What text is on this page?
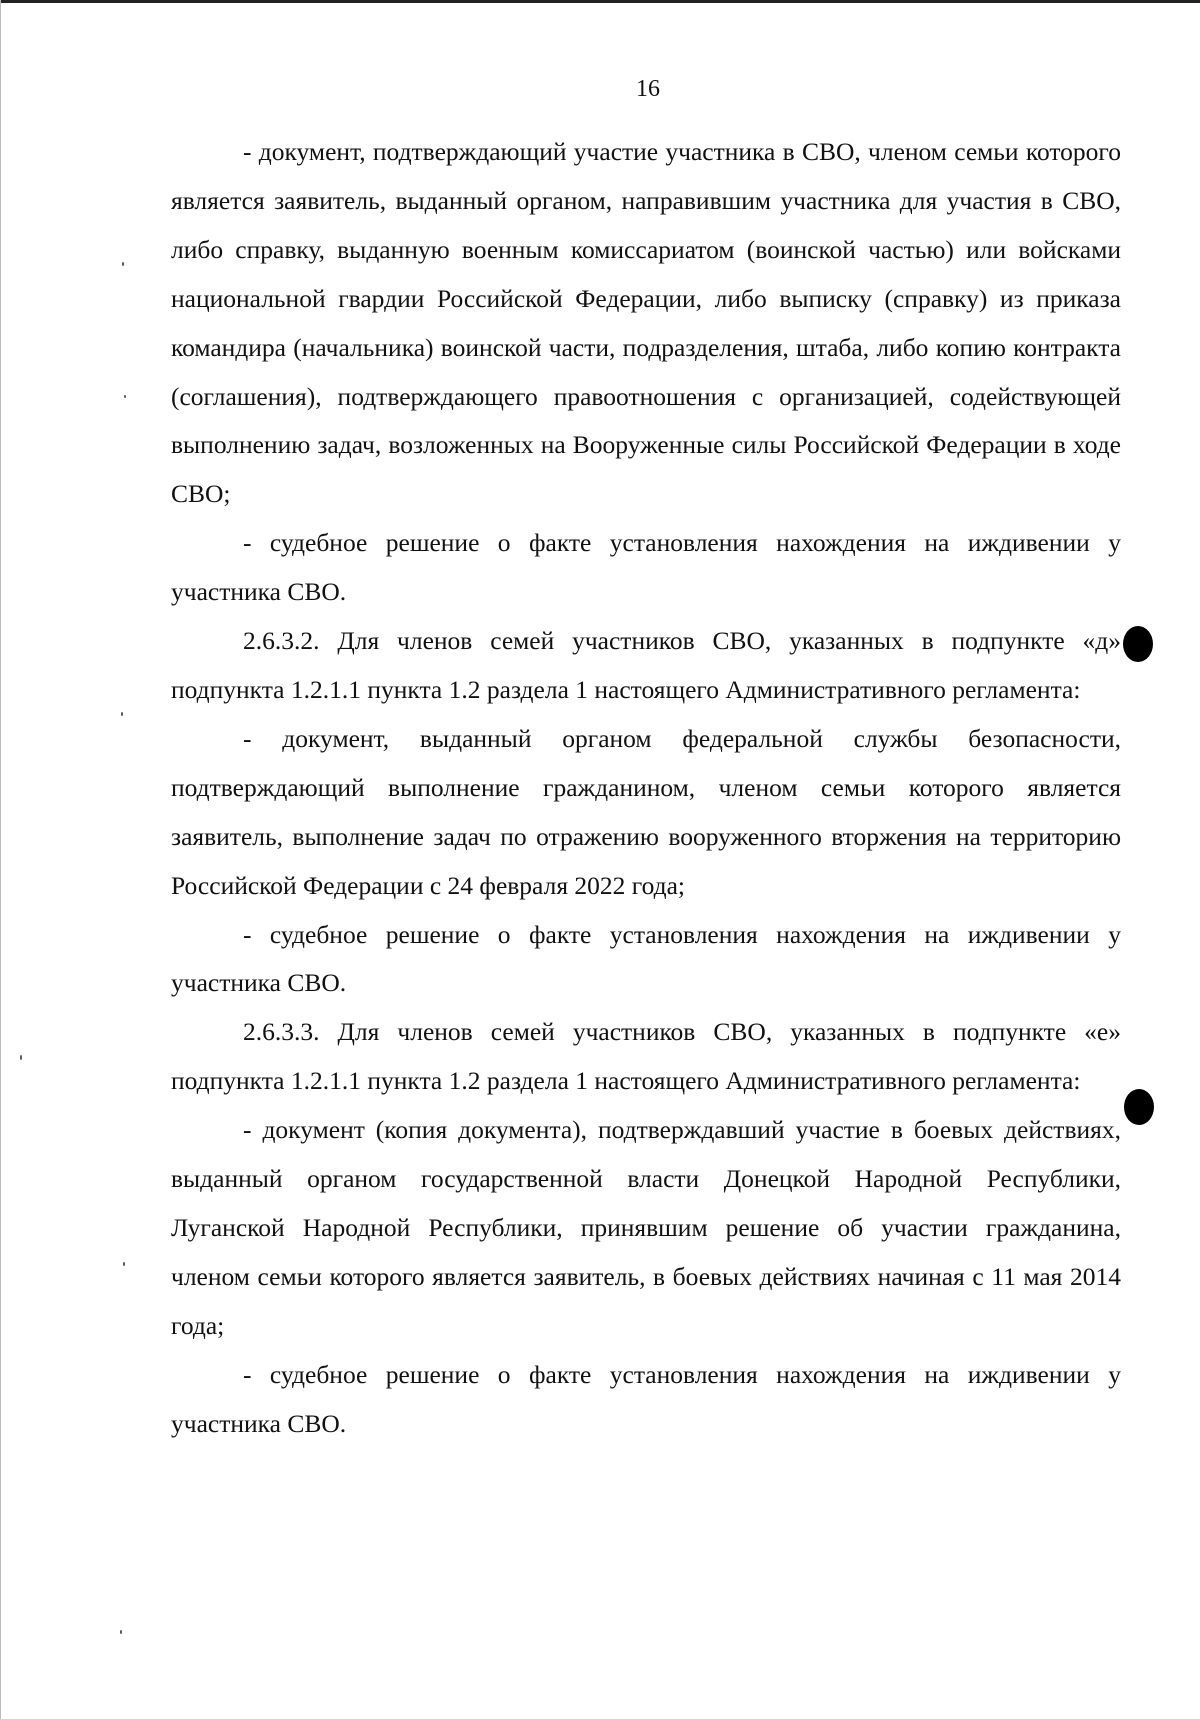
16

- документ, подтверждающий участие участника в СВО, членом семьи которого является заявитель, выданный органом, направившим участника для участия в СВО, либо справку, выданную военным комиссариатом (воинской частью) или войсками национальной гвардии Российской Федерации, либо выписку (справку) из приказа командира (начальника) воинской части, подразделения, штаба, либо копию контракта (соглашения), подтверждающего правоотношения с организацией, содействующей выполнению задач, возложенных на Вооруженные силы Российской Федерации в ходе СВО;

- судебное решение о факте установления нахождения на иждивении у участника СВО.

2.6.3.2. Для членов семей участников СВО, указанных в подпункте «д» подпункта 1.2.1.1 пункта 1.2 раздела 1 настоящего Административного регламента:

- документ, выданный органом федеральной службы безопасности, подтверждающий выполнение гражданином, членом семьи которого является заявитель, выполнение задач по отражению вооруженного вторжения на территорию Российской Федерации с 24 февраля 2022 года;

- судебное решение о факте установления нахождения на иждивении у участника СВО.

2.6.3.3. Для членов семей участников СВО, указанных в подпункте «е» подпункта 1.2.1.1 пункта 1.2 раздела 1 настоящего Административного регламента:

- документ (копия документа), подтверждавший участие в боевых действиях, выданный органом государственной власти Донецкой Народной Республики, Луганской Народной Республики, принявшим решение об участии гражданина, членом семьи которого является заявитель, в боевых действиях начиная с 11 мая 2014 года;

- судебное решение о факте установления нахождения на иждивении у участника СВО.
